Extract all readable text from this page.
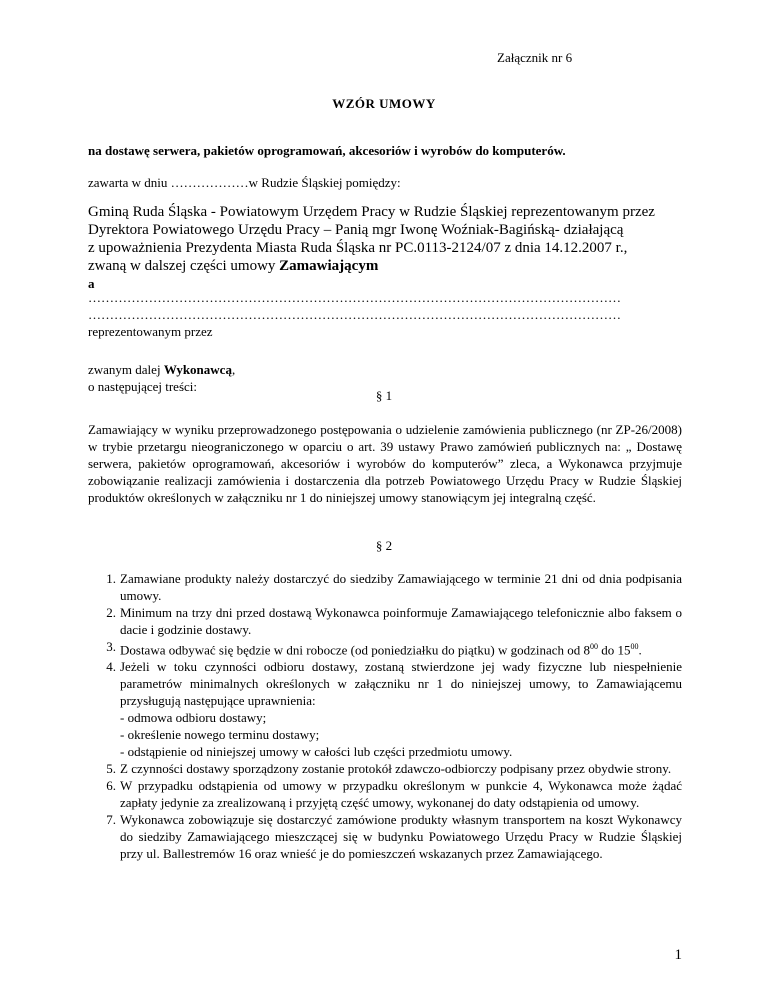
Załącznik nr 6
WZÓR UMOWY
na dostawę serwera, pakietów oprogramowań, akcesoriów i wyrobów do komputerów.
zawarta w dniu ………………w Rudzie Śląskiej pomiędzy:
Gminą Ruda Śląska - Powiatowym Urzędem Pracy w Rudzie Śląskiej reprezentowanym przez
Dyrektora Powiatowego Urzędu Pracy – Panią mgr Iwonę Woźniak-Bagińską- działającą
z upoważnienia Prezydenta Miasta Ruda Śląska nr PC.0113-2124/07 z dnia 14.12.2007 r.,
zwaną w dalszej części umowy Zamawiającym
a
……………………………………………………………………………………………………………
……………………………………………………………………………………………………………
reprezentowanym przez
zwanym dalej Wykonawcą,
o następującej treści:
§ 1
Zamawiający w wyniku przeprowadzonego postępowania o udzielenie zamówienia publicznego (nr ZP-26/2008) w trybie przetargu nieograniczonego w oparciu o art. 39 ustawy Prawo zamówień publicznych na: „ Dostawę serwera, pakietów oprogramowań, akcesoriów i wyrobów do komputerów” zleca, a Wykonawca przyjmuje zobowiązanie realizacji zamówienia i dostarczenia dla potrzeb Powiatowego Urzędu Pracy w Rudzie Śląskiej produktów określonych w załączniku nr 1 do niniejszej umowy stanowiącym jej integralną część.
§ 2
1. Zamawiane produkty należy dostarczyć do siedziby Zamawiającego w terminie 21 dni od dnia podpisania umowy.
2. Minimum na trzy dni przed dostawą Wykonawca poinformuje Zamawiającego telefonicznie albo faksem o dacie i godzinie dostawy.
3. Dostawa odbywać się będzie w dni robocze (od poniedziałku do piątku) w godzinach od $8^{00}$ do $15^{00}$.
4. Jeżeli w toku czynności odbioru dostawy, zostaną stwierdzone jej wady fizyczne lub niespełnienie parametrów minimalnych określonych w załączniku nr 1 do niniejszej umowy, to Zamawiającemu przysługują następujące uprawnienia:
- odmowa odbioru dostawy;
- określenie nowego terminu dostawy;
- odstąpienie od niniejszej umowy w całości lub części przedmiotu umowy.
5. Z czynności dostawy sporządzony zostanie protokół zdawczo-odbiorczy podpisany przez obydwie strony.
6. W przypadku odstąpienia od umowy w przypadku określonym w punkcie 4, Wykonawca może żądać zapłaty jedynie za zrealizowaną i przyjętą część umowy, wykonanej do daty odstąpienia od umowy.
7. Wykonawca zobowiązuje się dostarczyć zamówione produkty własnym transportem na koszt Wykonawcy do siedziby Zamawiającego mieszczącej się w budynku Powiatowego Urzędu Pracy w Rudzie Śląskiej przy ul. Ballestremów 16 oraz wnieść je do pomieszczeń wskazanych przez Zamawiającego.
1
